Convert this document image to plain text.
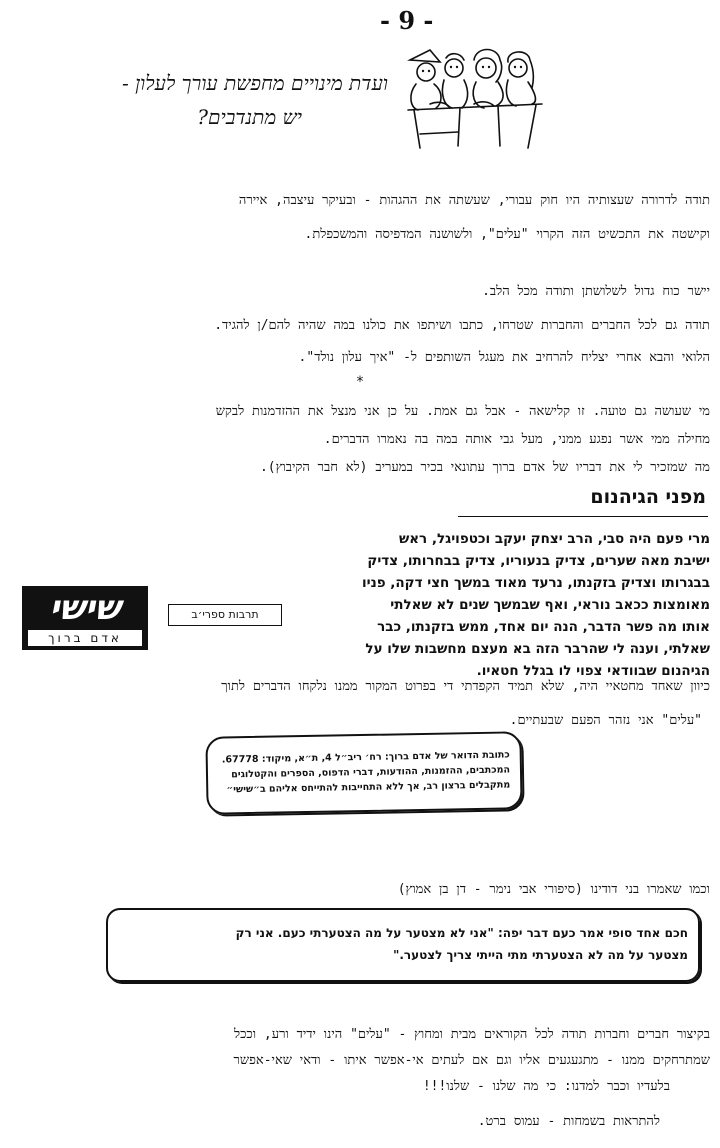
- 9 -
ועדת מינויים מחפשת עורך לעלון -
יש מתנדבים?
תודה לדרורה שעצותיה היו חוק עבורי, שעשתה את ההגהות - ובעיקר עיצבה, איירה
וקישטה את התכשיט הזה הקרוי "עלים", ולשושנה המדפיסה והמשכפלת.
יישר כוח גדול לשלושתן ותודה מכל הלב.
תודה גם לכל החברים והחברות שטרחו, כתבו ושיתפו את כולנו במה שהיה להם/ן להגיד.
הלואי והבא אחרי יצליח להרחיב את מעגל השותפים ל- "איך עלון נולד".
*
מי שעושה גם טועה. זו קלישאה - אבל גם אמת. על כן אני מנצל את ההזדמנות לבקש
מחילה ממי אשר נפגע ממני, מעל גבי אותה במה בה נאמרו הדברים.
מה שמזכיר לי את דבריו של אדם ברוך עתונאי בכיר במעריב (לא חבר הקיבוץ).
מפני הגיהנום
מרי פעם היה סבי, הרב יצחק יעקב וכטפויגל, ראש
ישיבת מאה שערים, צדיק בנעוריו, צדיק בבחרותו, צדיק
בבגרותו וצדיק בזקנתו, נרעד מאוד במשך חצי דקה, פניו
מאומצות ככאב נוראי, ואף שבמשך שנים לא שאלתי
אותו מה פשר הדבר, הנה יום אחד, ממש בזקנתו, כבר
שאלתי, וענה לי שהרבר הזה בא מעצם מחשבות שלו על
הגיהנום שבוודאי צפוי לו בגלל חטאיו.
תרבות ספרי׳ב
שישי
אדם ברוך
כיוון שאחד מחטאיי היה, שלא תמיד הקפדתי די בפרוט המקור ממנו נלקחו הדברים לתוך
"עלים" אני נזהר הפעם שבעתיים.
כתובת הדואר של אדם ברוך: רח׳ ריב״ל 4, ת״א, מיקוד: 67778.
המכתבים, ההזמנות, ההודעות, דברי הדפוס, הספרים והקטלוגים
מתקבלים ברצון רב, אך ללא התחייבות להתייחס אליהם ב״שישי״
וכמו שאמרו בני דודינו (סיפורי אבי נימר - דן בן אמוץ)
חכם אחד סופי אמר כעם דבר יפה: "אני לא מצטער על מה הצטערתי כעם. אני רק
מצטער על מה לא הצטערתי מתי הייתי צריך לצטער."
בקיצור חברים וחברות תודה לכל הקוראים מבית ומחוץ - "עלים" הינו ידיד ורע, וככל
שמתרחקים ממנו - מתגעגעים אליו וגם אם לעתים אי-אפשר איתו - ודאי שאי-אפשר
בלעדיו וכבר למדנו: כי מה שלנו - שלנו!!!
להתראות בשמחות - עמוס ברט.
